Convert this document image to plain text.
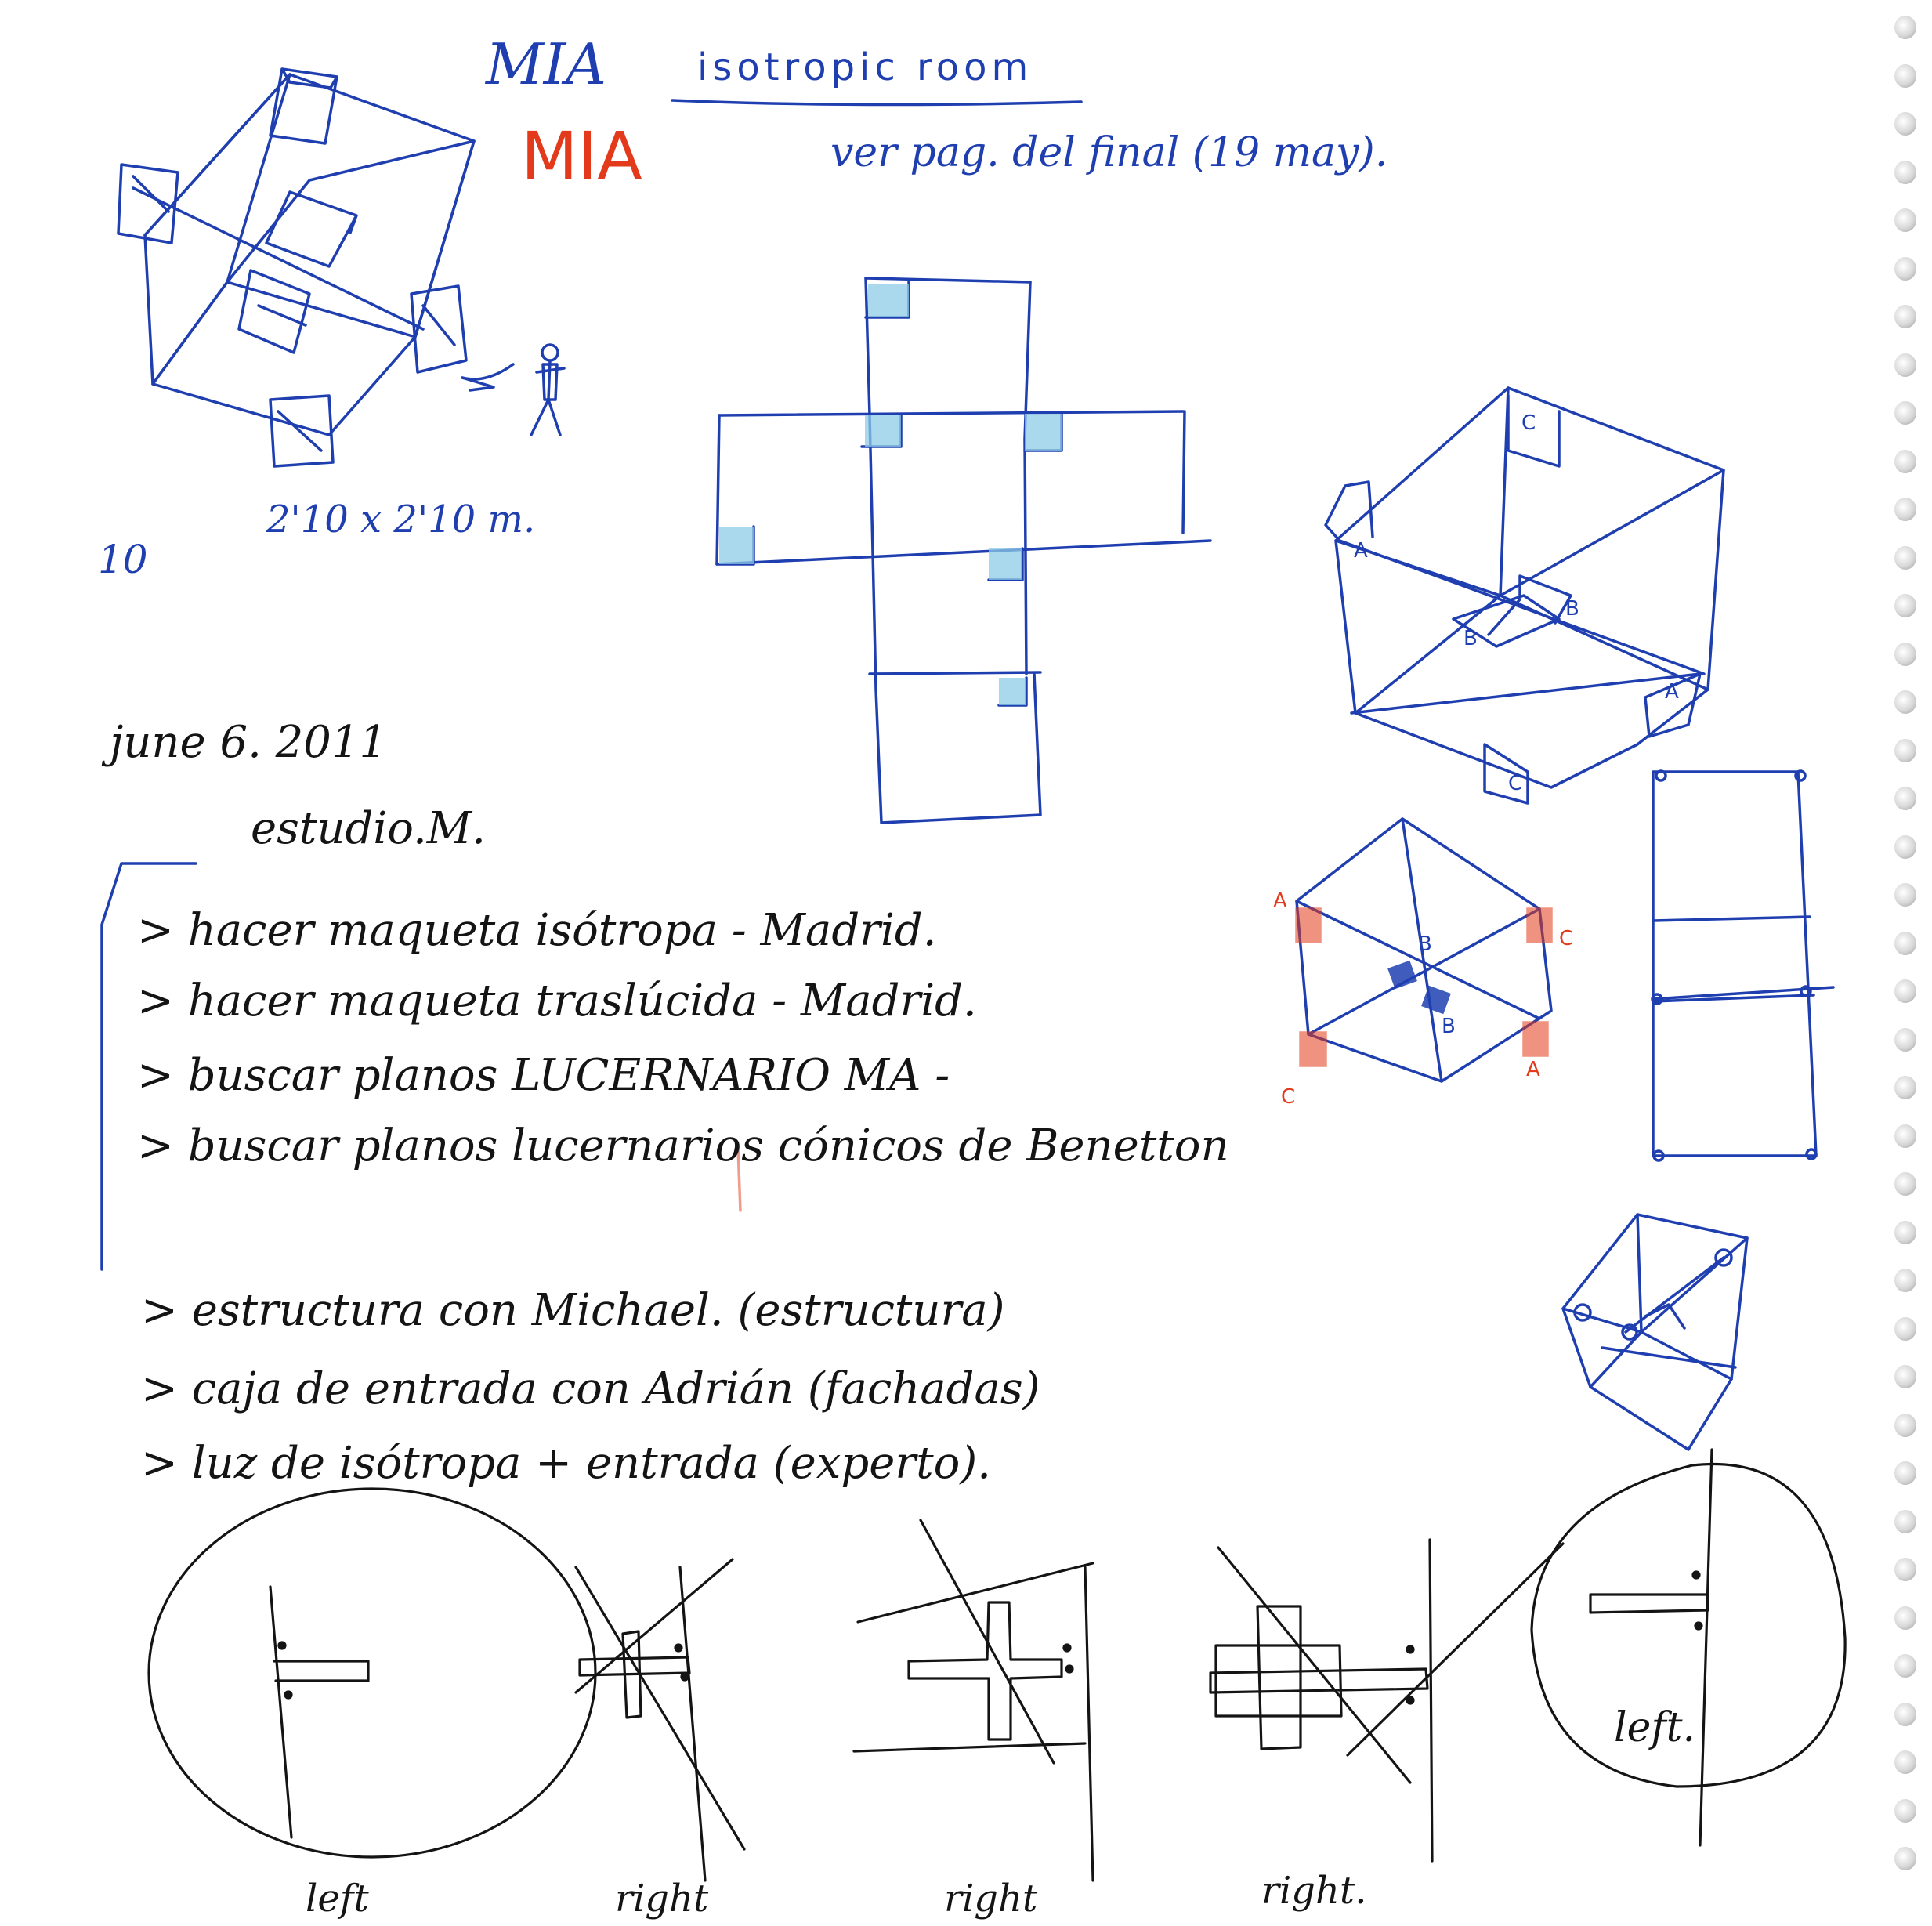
MIA isotropic room
MIA	ver pag. del final (19 may).
2'10 x 2'10 m.
10
june 6. 2011
estudio.M.
> hacer maqueta isótropa - Madrid.
> hacer maqueta traslúcida - Madrid.
> buscar planos LUCERNARIO MA -
> buscar planos lucernarios cónicos de Benetton
> estructura con Michael. (estructura)
> caja de entrada con Adrián (fachadas)
> luz de isótropa + entrada (experto).
A
A
B
B
C
C
A
A
B
B
C
C
left	right	right	right.
left.
